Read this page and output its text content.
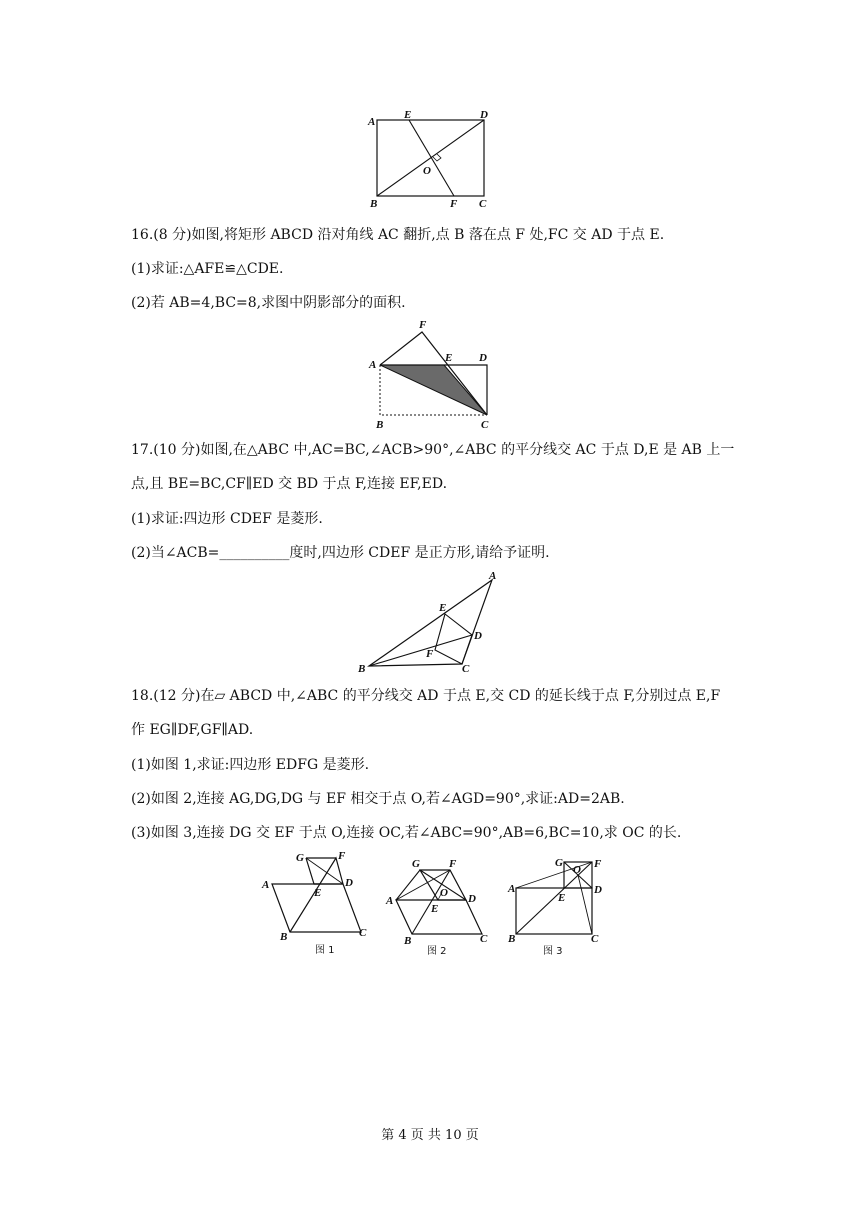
A
E	D
O
B	F C
16.(8 分)如图,将矩形 ABCD 沿对角线 AC 翻折,点 B 落在点 F 处,FC 交 AD 于点 E.
(1)求证:△AFE≌△CDE.
(2)若 AB=4,BC=8,求图中阴影部分的面积.
F
A
E D
B	C
17.(10 分)如图,在△ABC 中,AC=BC,∠ACB>90°,∠ABC 的平分线交 AC 于点 D,E 是 AB 上一
点,且 BE=BC,CF∥ED 交 BD 于点 F,连接 EF,ED.
(1)求证:四边形 CDEF 是菱形.
(2)当∠ACB=__________度时,四边形 CDEF 是正方形,请给予证明.
A
E
D
F
B	C
18.(12 分)在▱ ABCD 中,∠ABC 的平分线交 AD 于点 E,交 CD 的延长线于点 F,分别过点 E,F
作 EG∥DF,GF∥AD.
(1)如图 1,求证:四边形 EDFG 是菱形.
(2)如图 2,连接 AG,DG,DG 与 EF 相交于点 O,若∠AGD=90°,求证:AD=2AB.
(3)如图 3,连接 DG 交 EF 于点 O,连接 OC,若∠ABC=90°,AB=6,BC=10,求 OC 的长.
G	F
A
E
D
B	C
图 1
G	F
A
O
E
D
B	C
图 2
G
O F
A
E
D
B	C
图 3
第 4 页 共 10 页
